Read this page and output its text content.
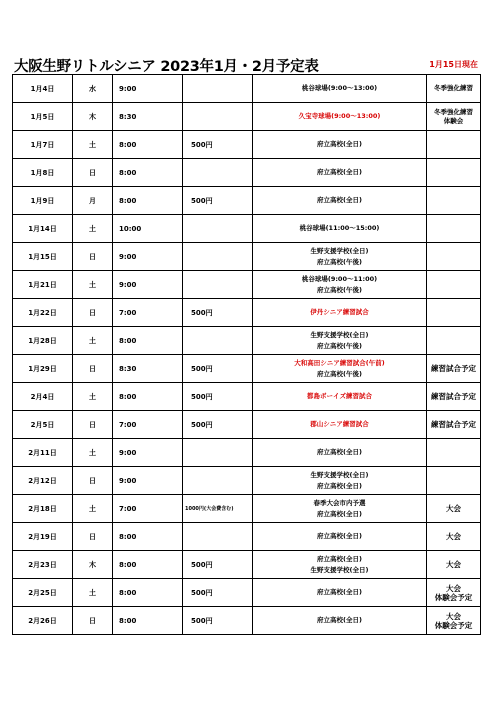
大阪生野リトルシニア 2023年1月・2月予定表	1月15日現在
1月4日	水	9:00		桃谷球場(9:00～13:00)	冬季強化練習

1月5日	木	8:30		久宝寺球場(9:00～13:00)	冬季強化練習
体験会

1月7日	土	8:00	500円	府立高校(全日)	

1月8日	日	8:00		府立高校(全日)	

1月9日	月	8:00	500円	府立高校(全日)	

1月14日	土	10:00		桃谷球場(11:00～15:00)	

1月15日	日	9:00		生野支援学校(全日)
府立高校(午後)	

1月21日	土	9:00		桃谷球場(9:00～11:00)
府立高校(午後)	

1月22日	日	7:00	500円	伊丹シニア練習試合	

1月28日	土	8:00		生野支援学校(全日)
府立高校(午後)	

1月29日	日	8:30	500円	大和高田シニア練習試合(午前)
府立高校(午後)	練習試合予定

2月4日	土	8:00	500円	都島ボーイズ練習試合	練習試合予定

2月5日	日	7:00	500円	郡山シニア練習試合	練習試合予定

2月11日	土	9:00		府立高校(全日)	

2月12日	日	9:00		生野支援学校(全日)
府立高校(全日)	

2月18日	土	7:00	1000円(大会費含む)	春季大会市内予選
府立高校(全日)	大会

2月19日	日	8:00		府立高校(全日)	大会

2月23日	木	8:00	500円	府立高校(全日)
生野支援学校(全日)	大会

2月25日	土	8:00	500円	府立高校(全日)	大会
体験会予定

2月26日	日	8:00	500円	府立高校(全日)	大会
体験会予定
